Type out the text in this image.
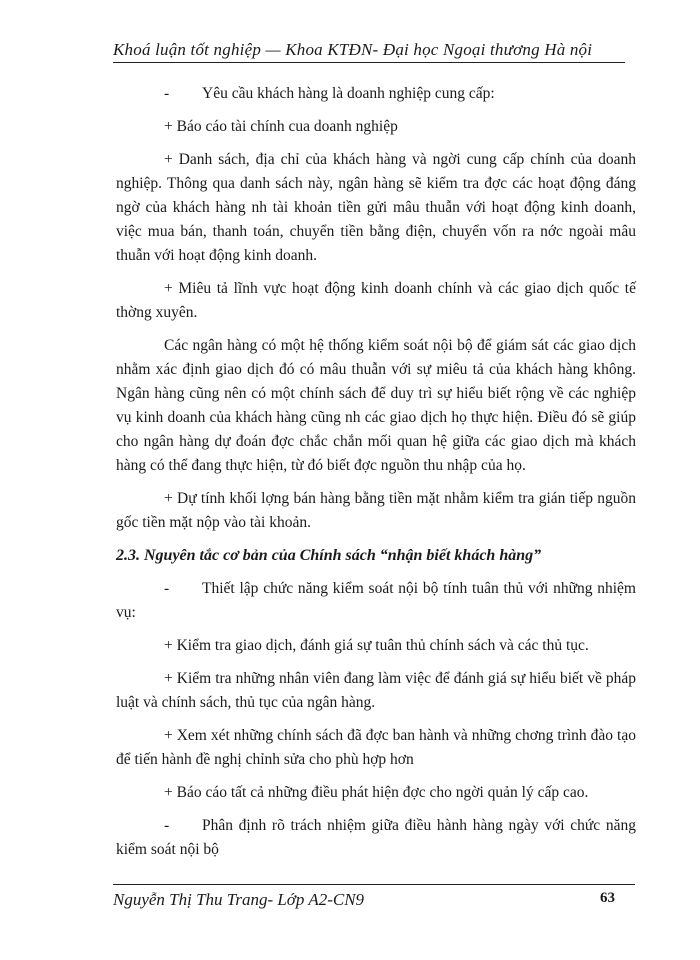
Khoá luận tốt nghiệp — Khoa KTĐN- Đại học Ngoại thương Hà nội

- Yêu cầu khách hàng là doanh nghiệp cung cấp:

+ Báo cáo tài chính cua doanh nghiệp

+ Danh sách, địa chỉ của khách hàng và ngời cung cấp chính của doanh nghiệp. Thông qua danh sách này, ngân hàng sẽ kiểm tra đợc các hoạt động đáng ngờ của khách hàng nh tài khoản tiền gửi mâu thuẫn với hoạt động kinh doanh, việc mua bán, thanh toán, chuyển tiền bằng điện, chuyển vốn ra nớc ngoài mâu thuẫn với hoạt động kinh doanh.

+ Miêu tả lĩnh vực hoạt động kinh doanh chính và các giao dịch quốc tế thờng xuyên.

Các ngân hàng có một hệ thống kiểm soát nội bộ để giám sát các giao dịch nhằm xác định giao dịch đó có mâu thuẫn với sự miêu tả của khách hàng không. Ngân hàng cũng nên có một chính sách để duy trì sự hiểu biết rộng về các nghiệp vụ kinh doanh của khách hàng cũng nh các giao dịch họ thực hiện. Điều đó sẽ giúp cho ngân hàng dự đoán đợc chắc chắn mối quan hệ giữa các giao dịch mà khách hàng có thể đang thực hiện, từ đó biết đợc nguồn thu nhập của họ.

+ Dự tính khối lợng bán hàng bằng tiền mặt nhằm kiểm tra gián tiếp nguồn gốc tiền mặt nộp vào tài khoản.

2.3. Nguyên tắc cơ bản của Chính sách “nhận biết khách hàng”

- Thiết lập chức năng kiểm soát nội bộ tính tuân thủ với những nhiệm vụ:

+ Kiểm tra giao dịch, đánh giá sự tuân thủ chính sách và các thủ tục.

+ Kiểm tra những nhân viên đang làm việc để đánh giá sự hiểu biết về pháp luật và chính sách, thủ tục của ngân hàng.

+ Xem xét những chính sách đã đợc ban hành và những chơng trình đào tạo để tiến hành đề nghị chỉnh sửa cho phù hợp hơn

+ Báo cáo tất cả những điều phát hiện đợc cho ngời quản lý cấp cao.

- Phân định rõ trách nhiệm giữa điều hành hàng ngày với chức năng kiểm soát nội bộ

Nguyễn Thị Thu Trang- Lớp A2-CN9	63
